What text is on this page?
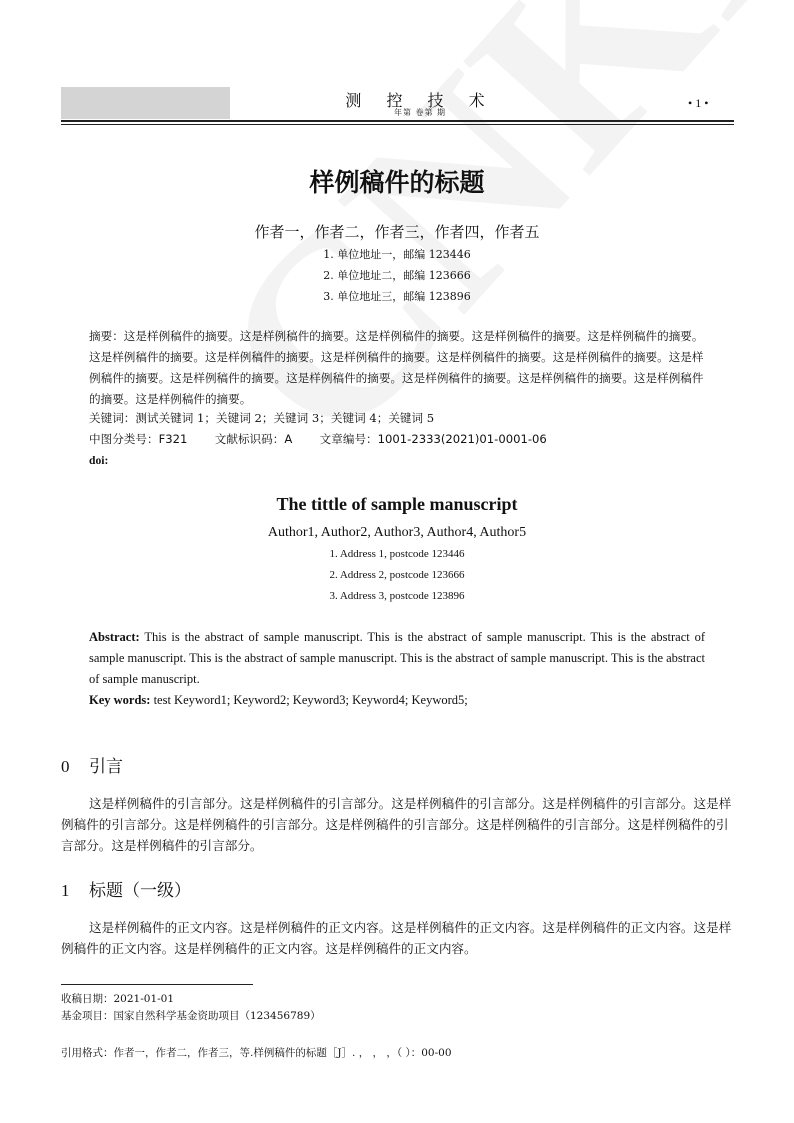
测 控 技 术
年第 卷第 期
• 1 •
样例稿件的标题
作者一，作者二，作者三，作者四，作者五
1. 单位地址一，邮编 123446
2. 单位地址二，邮编 123666
3. 单位地址三，邮编 123896
摘要：这是样例稿件的摘要。这是样例稿件的摘要。这是样例稿件的摘要。这是样例稿件的摘要。这是样例稿件的摘要。这是样例稿件的摘要。这是样例稿件的摘要。这是样例稿件的摘要。这是样例稿件的摘要。这是样例稿件的摘要。这是样例稿件的摘要。这是样例稿件的摘要。这是样例稿件的摘要。这是样例稿件的摘要。这是样例稿件的摘要。这是样例稿件的摘要。这是样例稿件的摘要。
关键词：测试关键词 1；关键词 2；关键词 3；关键词 4；关键词 5
中图分类号：F321 文献标识码：A 文章编号：1001-2333(2021)01-0001-06
doi:
The tittle of sample manuscript
Author1, Author2, Author3, Author4, Author5
1. Address 1, postcode 123446
2. Address 2, postcode 123666
3. Address 3, postcode 123896
Abstract: This is the abstract of sample manuscript. This is the abstract of sample manuscript. This is the abstract of sample manuscript. This is the abstract of sample manuscript. This is the abstract of sample manuscript. This is the abstract of sample manuscript.
Key words: test Keyword1; Keyword2; Keyword3; Keyword4; Keyword5;
0 引言
这是样例稿件的引言部分。这是样例稿件的引言部分。这是样例稿件的引言部分。这是样例稿件的引言部分。这是样例稿件的引言部分。这是样例稿件的引言部分。这是样例稿件的引言部分。这是样例稿件的引言部分。这是样例稿件的引言部分。这是样例稿件的引言部分。
1 标题（一级）
这是样例稿件的正文内容。这是样例稿件的正文内容。这是样例稿件的正文内容。这是样例稿件的正文内容。这是样例稿件的正文内容。这是样例稿件的正文内容。这是样例稿件的正文内容。
收稿日期：2021-01-01
基金项目：国家自然科学基金资助项目（123456789）
引用格式：作者一，作者二，作者三，等.样例稿件的标题［J］. ， ， ，（ ）：00-00
